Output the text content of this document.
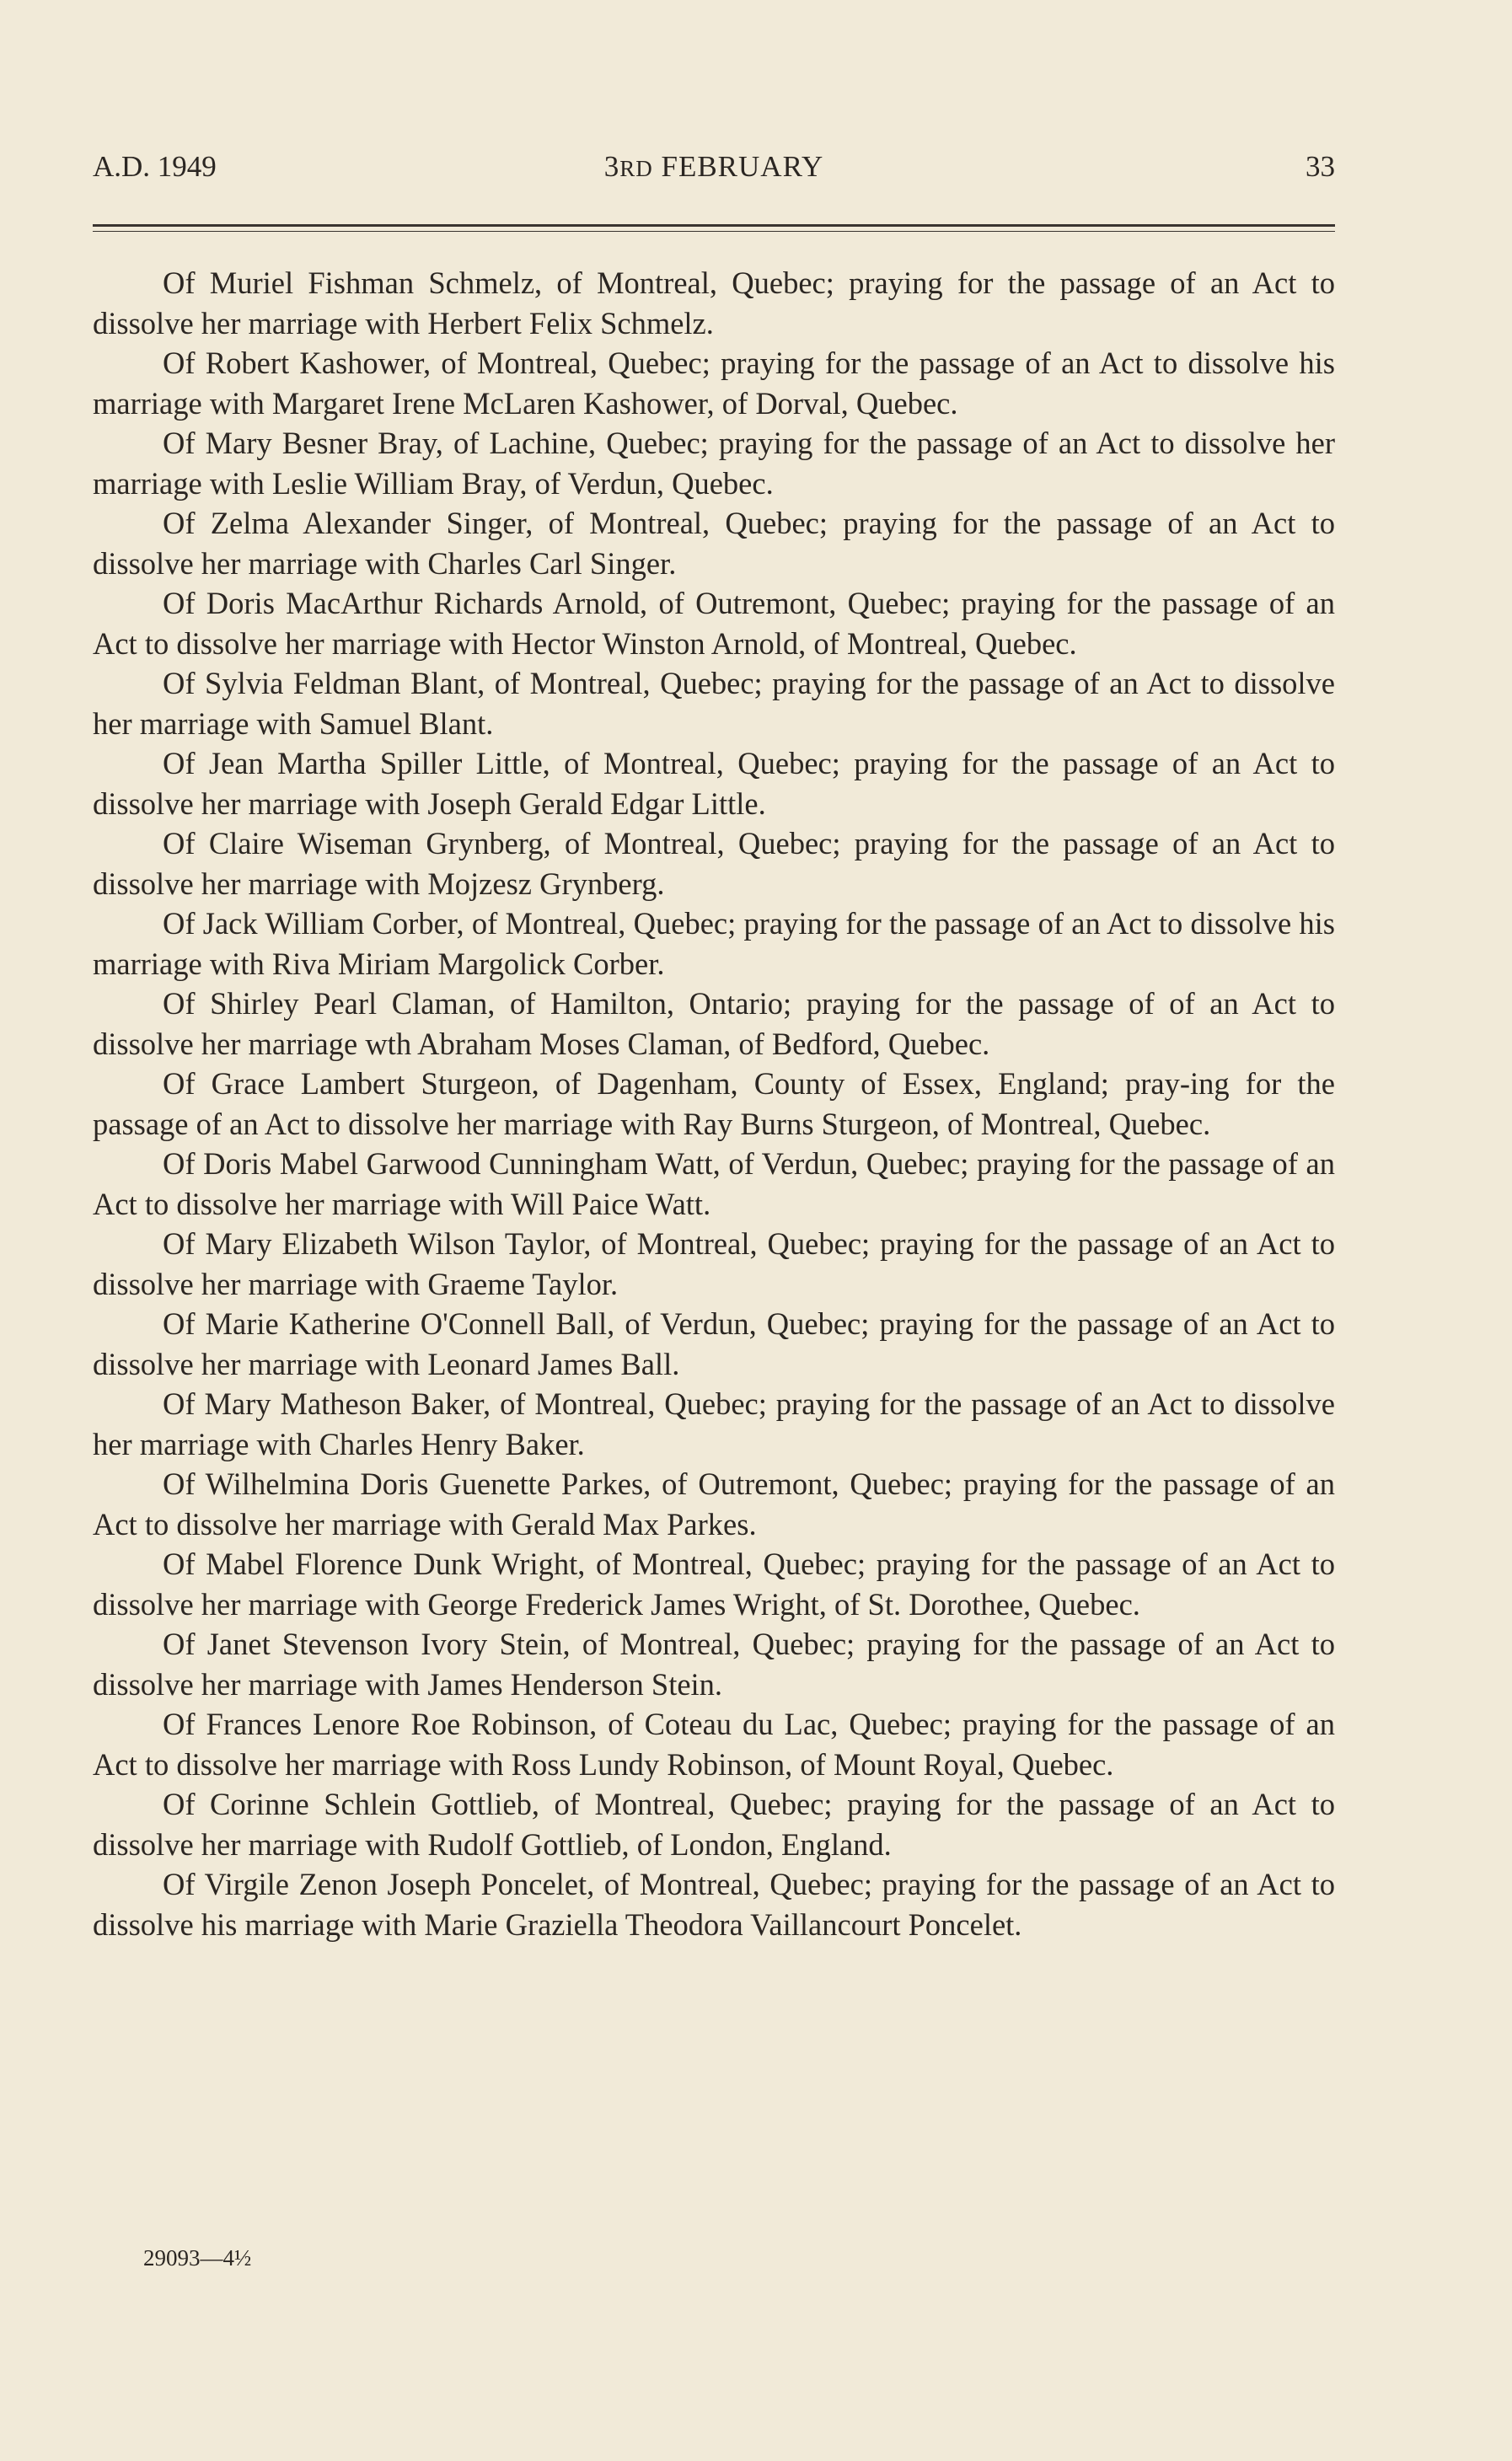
A.D. 1949	3RD FEBRUARY	33

Of Muriel Fishman Schmelz, of Montreal, Quebec; praying for the passage of an Act to dissolve her marriage with Herbert Felix Schmelz.

Of Robert Kashower, of Montreal, Quebec; praying for the passage of an Act to dissolve his marriage with Margaret Irene McLaren Kashower, of Dorval, Quebec.

Of Mary Besner Bray, of Lachine, Quebec; praying for the passage of an Act to dissolve her marriage with Leslie William Bray, of Verdun, Quebec.

Of Zelma Alexander Singer, of Montreal, Quebec; praying for the passage of an Act to dissolve her marriage with Charles Carl Singer.

Of Doris MacArthur Richards Arnold, of Outremont, Quebec; praying for the passage of an Act to dissolve her marriage with Hector Winston Arnold, of Montreal, Quebec.

Of Sylvia Feldman Blant, of Montreal, Quebec; praying for the passage of an Act to dissolve her marriage with Samuel Blant.

Of Jean Martha Spiller Little, of Montreal, Quebec; praying for the passage of an Act to dissolve her marriage with Joseph Gerald Edgar Little.

Of Claire Wiseman Grynberg, of Montreal, Quebec; praying for the passage of an Act to dissolve her marriage with Mojzesz Grynberg.

Of Jack William Corber, of Montreal, Quebec; praying for the passage of an Act to dissolve his marriage with Riva Miriam Margolick Corber.

Of Shirley Pearl Claman, of Hamilton, Ontario; praying for the passage of of an Act to dissolve her marriage wth Abraham Moses Claman, of Bedford, Quebec.

Of Grace Lambert Sturgeon, of Dagenham, County of Essex, England; pray-ing for the passage of an Act to dissolve her marriage with Ray Burns Sturgeon, of Montreal, Quebec.

Of Doris Mabel Garwood Cunningham Watt, of Verdun, Quebec; praying for the passage of an Act to dissolve her marriage with Will Paice Watt.

Of Mary Elizabeth Wilson Taylor, of Montreal, Quebec; praying for the passage of an Act to dissolve her marriage with Graeme Taylor.

Of Marie Katherine O'Connell Ball, of Verdun, Quebec; praying for the passage of an Act to dissolve her marriage with Leonard James Ball.

Of Mary Matheson Baker, of Montreal, Quebec; praying for the passage of an Act to dissolve her marriage with Charles Henry Baker.

Of Wilhelmina Doris Guenette Parkes, of Outremont, Quebec; praying for the passage of an Act to dissolve her marriage with Gerald Max Parkes.

Of Mabel Florence Dunk Wright, of Montreal, Quebec; praying for the passage of an Act to dissolve her marriage with George Frederick James Wright, of St. Dorothee, Quebec.

Of Janet Stevenson Ivory Stein, of Montreal, Quebec; praying for the passage of an Act to dissolve her marriage with James Henderson Stein.

Of Frances Lenore Roe Robinson, of Coteau du Lac, Quebec; praying for the passage of an Act to dissolve her marriage with Ross Lundy Robinson, of Mount Royal, Quebec.

Of Corinne Schlein Gottlieb, of Montreal, Quebec; praying for the passage of an Act to dissolve her marriage with Rudolf Gottlieb, of London, England.

Of Virgile Zenon Joseph Poncelet, of Montreal, Quebec; praying for the passage of an Act to dissolve his marriage with Marie Graziella Theodora Vaillancourt Poncelet.

29093—4½
